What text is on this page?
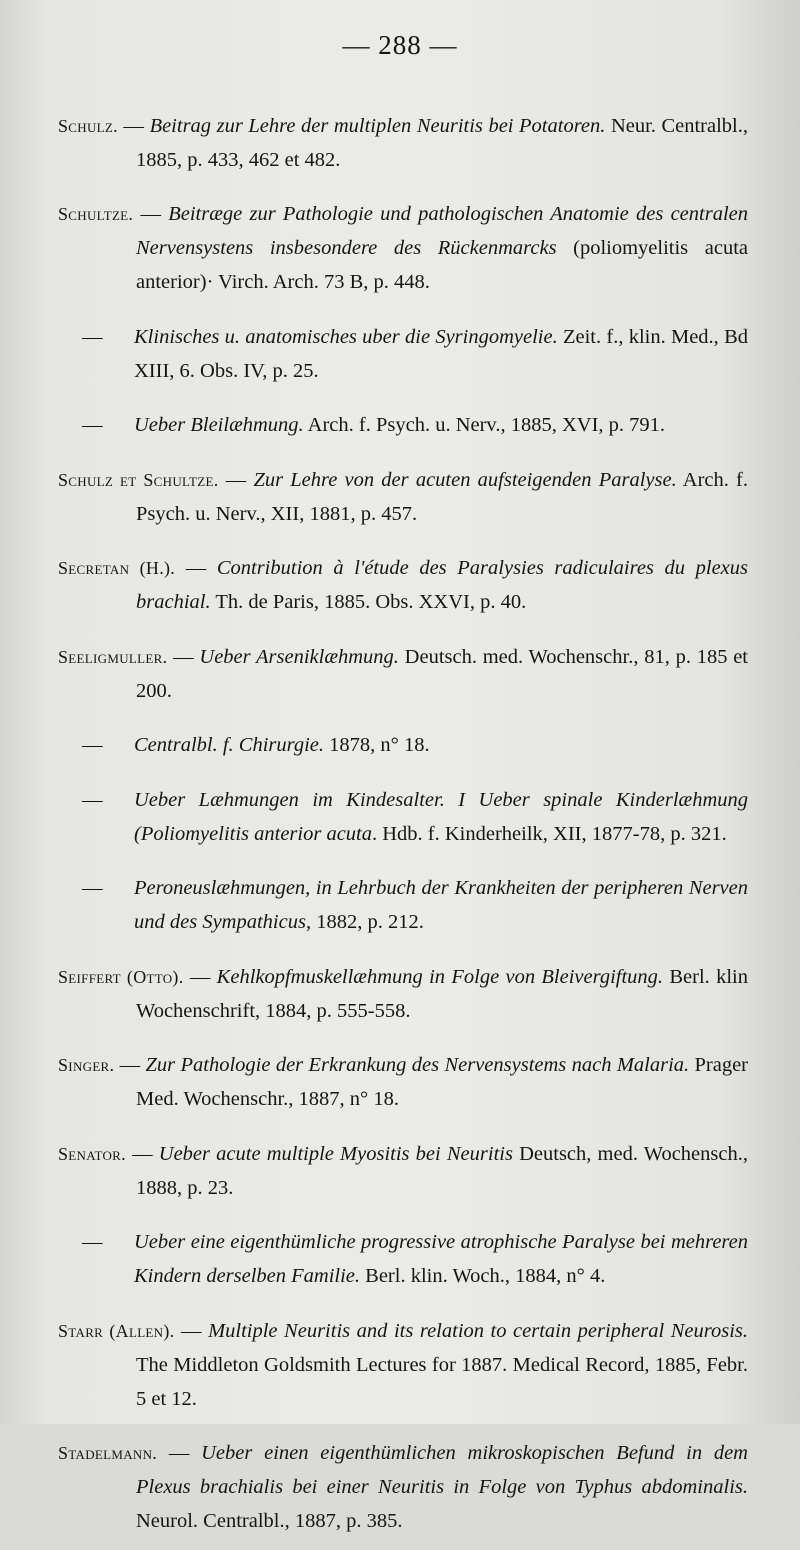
— 288 —

Schulz. — Beitrag zur Lehre der multiplen Neuritis bei Potatoren. Neur. Centralbl., 1885, p. 433, 462 et 482.

Schultze. — Beitræge zur Pathologie und pathologischen Anatomie des centralen Nervensystens insbesondere des Rückenmarcks (poliomyelitis acuta anterior)· Virch. Arch. 73 B, p. 448.

— Klinisches u. anatomisches uber die Syringomyelie. Zeit. f., klin. Med., Bd XIII, 6. Obs. IV, p. 25.

— Ueber Bleilæhmung. Arch. f. Psych. u. Nerv., 1885, XVI, p. 791.

Schulz et Schultze. — Zur Lehre von der acuten aufsteigenden Paralyse. Arch. f. Psych. u. Nerv., XII, 1881, p. 457.

Secretan (H.). — Contribution à l'étude des Paralysies radiculaires du plexus brachial. Th. de Paris, 1885. Obs. XXVI, p. 40.

Seeligmuller. — Ueber Arseniklæhmung. Deutsch. med. Wochenschr., 81, p. 185 et 200.

— Centralbl. f. Chirurgie. 1878, n° 18.

— Ueber Læhmungen im Kindesalter. I Ueber spinale Kinderlæhmung (Poliomyelitis anterior acuta. Hdb. f. Kinderheilk, XII, 1877-78, p. 321.

— Peroneuslæhmungen, in Lehrbuch der Krankheiten der peripheren Nerven und des Sympathicus, 1882, p. 212.

Seiffert (Otto). — Kehlkopfmuskellæhmung in Folge von Bleivergiftung. Berl. klin Wochenschrift, 1884, p. 555-558.

Singer. — Zur Pathologie der Erkrankung des Nervensystems nach Malaria. Prager Med. Wochenschr., 1887, n° 18.

Senator. — Ueber acute multiple Myositis bei Neuritis Deutsch, med. Wochensch., 1888, p. 23.

— Ueber eine eigenthümliche progressive atrophische Paralyse bei mehreren Kindern derselben Familie. Berl. klin. Woch., 1884, n° 4.

Starr (Allen). — Multiple Neuritis and its relation to certain peripheral Neurosis. The Middleton Goldsmith Lectures for 1887. Medical Record, 1885, Febr. 5 et 12.

Stadelmann. — Ueber einen eigenthümlichen mikroskopischen Befund in dem Plexus brachialis bei einer Neuritis in Folge von Typhus abdominalis. Neurol. Centralbl., 1887, p. 385.
